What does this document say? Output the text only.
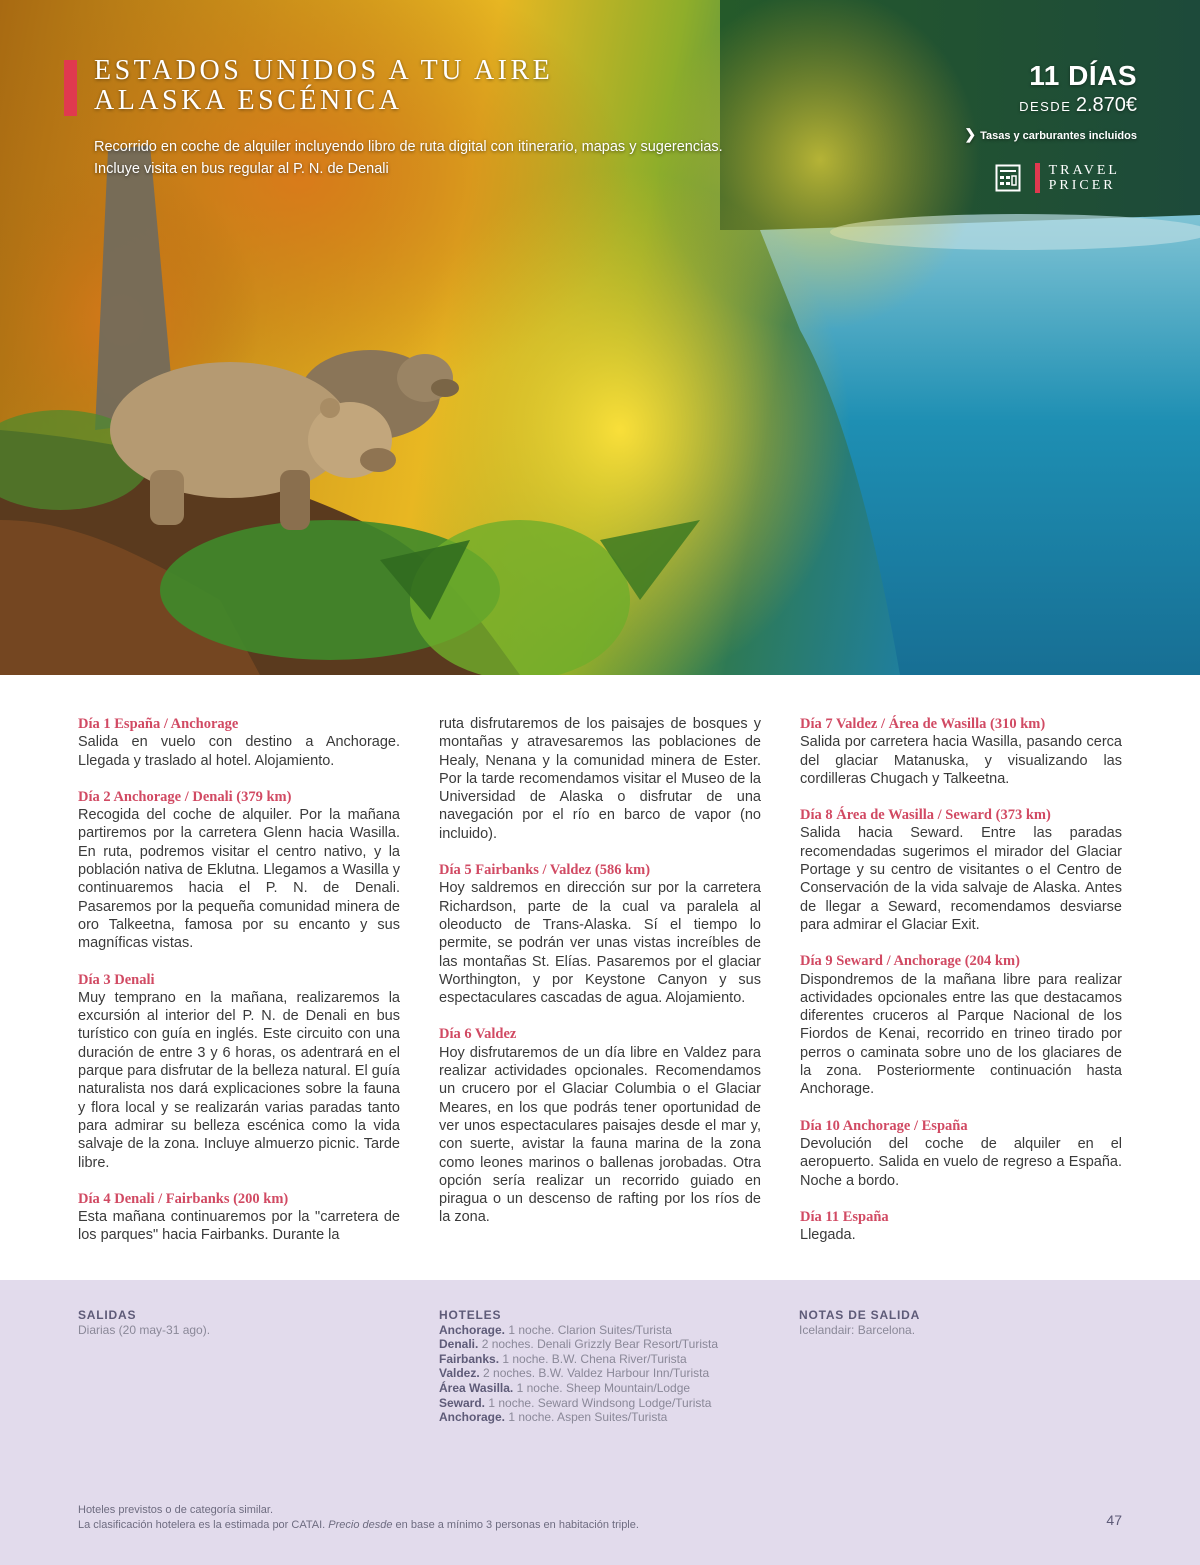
ESTADOS UNIDOS A TU AIRE
ALASKA ESCÉNICA
Recorrido en coche de alquiler incluyendo libro de ruta digital con itinerario, mapas y sugerencias.
Incluye visita en bus regular al P. N. de Denali
11 DÍAS
DESDE 2.870€
❯ Tasas y carburantes incluidos
TRAVEL
PRICER
Día 1 España / Anchorage

Salida en vuelo con destino a Anchorage. Llegada y traslado al hotel. Alojamiento.

Día 2 Anchorage / Denali (379 km)

Recogida del coche de alquiler. Por la mañana partiremos por la carretera Glenn hacia Wasilla. En ruta, podremos visitar el centro nativo, y la población nativa de Eklutna. Llegamos a Wasilla y continuaremos hacia el P. N. de Denali. Pasaremos por la pequeña comunidad minera de oro Talkeetna, famosa por su encanto y sus magníficas vistas.

Día 3 Denali

Muy temprano en la mañana, realizaremos la excursión al interior del P. N. de Denali en bus turístico con guía en inglés. Este circuito con una duración de entre 3 y 6 horas, os adentrará en el parque para disfrutar de la belleza natural. El guía naturalista nos dará explicaciones sobre la fauna y flora local y se realizarán varias paradas tanto para admirar su belleza escénica como la vida salvaje de la zona. Incluye almuerzo picnic. Tarde libre.

Día 4 Denali / Fairbanks (200 km)

Esta mañana continuaremos por la "carretera de los parques" hacia Fairbanks. Durante la

ruta disfrutaremos de los paisajes de bosques y montañas y atravesaremos las poblaciones de Healy, Nenana y la comunidad minera de Ester. Por la tarde recomendamos visitar el Museo de la Universidad de Alaska o disfrutar de una navegación por el río en barco de vapor (no incluido).

Día 5 Fairbanks / Valdez (586 km)

Hoy saldremos en dirección sur por la carretera Richardson, parte de la cual va paralela al oleoducto de Trans-Alaska. Sí el tiempo lo permite, se podrán ver unas vistas increíbles de las montañas St. Elías. Pasaremos por el glaciar Worthington, y por Keystone Canyon y sus espectaculares cascadas de agua. Alojamiento.

Día 6 Valdez

Hoy disfrutaremos de un día libre en Valdez para realizar actividades opcionales. Recomendamos un crucero por el Glaciar Columbia o el Glaciar Meares, en los que podrás tener oportunidad de ver unos espectaculares paisajes desde el mar y, con suerte, avistar la fauna marina de la zona como leones marinos o ballenas jorobadas. Otra opción sería realizar un recorrido guiado en piragua o un descenso de rafting por los ríos de la zona.

Día 7 Valdez / Área de Wasilla (310 km)

Salida por carretera hacia Wasilla, pasando cerca del glaciar Matanuska, y visualizando las cordilleras Chugach y Talkeetna.

Día 8 Área de Wasilla / Seward (373 km)

Salida hacia Seward. Entre las paradas recomendadas sugerimos el mirador del Glaciar Portage y su centro de visitantes o el Centro de Conservación de la vida salvaje de Alaska. Antes de llegar a Seward, recomendamos desviarse para admirar el Glaciar Exit.

Día 9 Seward / Anchorage (204 km)

Dispondremos de la mañana libre para realizar actividades opcionales entre las que destacamos diferentes cruceros al Parque Nacional de los Fiordos de Kenai, recorrido en trineo tirado por perros o caminata sobre uno de los glaciares de la zona. Posteriormente continuación hasta Anchorage.

Día 10 Anchorage / España

Devolución del coche de alquiler en el aeropuerto. Salida en vuelo de regreso a España. Noche a bordo.

Día 11 España

Llegada.

SALIDAS
Diarias (20 may-31 ago).
HOTELES
Anchorage. 1 noche. Clarion Suites/Turista
Denali. 2 noches. Denali Grizzly Bear Resort/Turista
Fairbanks. 1 noche. B.W. Chena River/Turista
Valdez. 2 noches. B.W. Valdez Harbour Inn/Turista
Área Wasilla. 1 noche. Sheep Mountain/Lodge
Seward. 1 noche. Seward Windsong Lodge/Turista
Anchorage. 1 noche. Aspen Suites/Turista
NOTAS DE SALIDA
Icelandair: Barcelona.
Hoteles previstos o de categoría similar.
La clasificación hotelera es la estimada por CATAI. Precio desde en base a mínimo 3 personas en habitación triple.	47
